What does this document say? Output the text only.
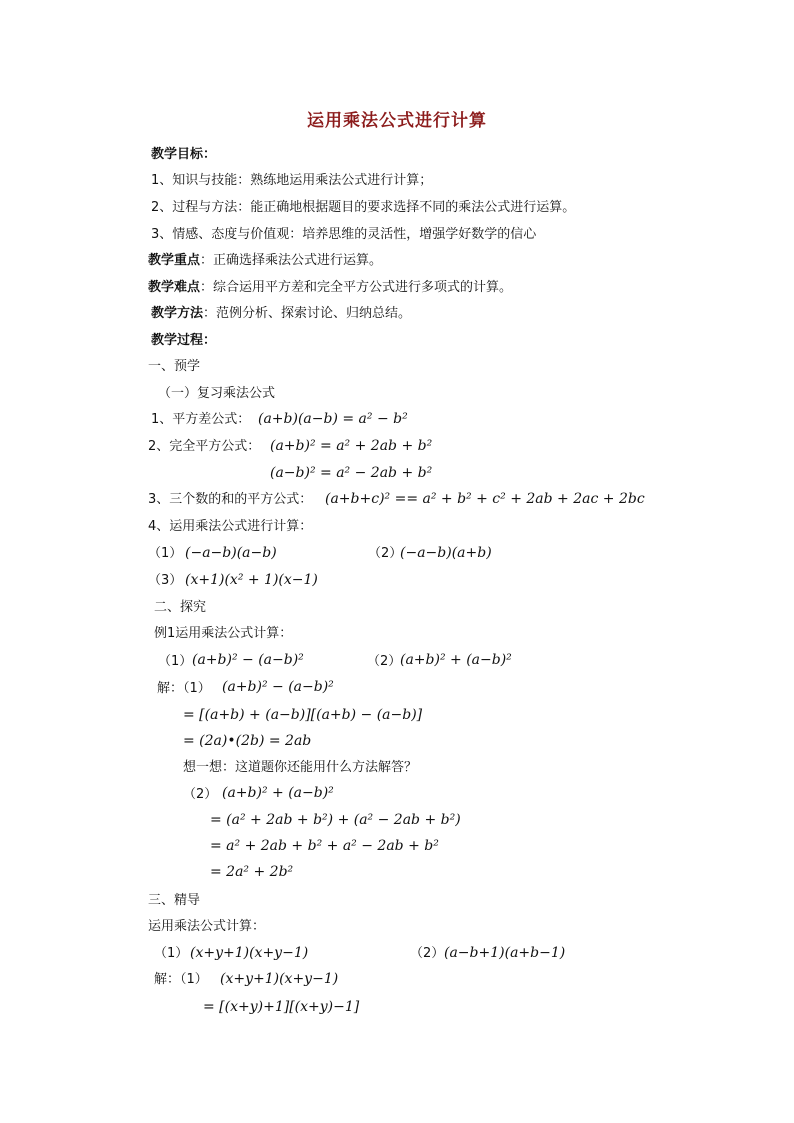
运用乘法公式进行计算
教学目标：
1、知识与技能：熟练地运用乘法公式进行计算；
2、过程与方法：能正确地根据题目的要求选择不同的乘法公式进行运算。
3、情感、态度与价值观：培养思维的灵活性，增强学好数学的信心
教学重点：正确选择乘法公式进行运算。
教学难点：综合运用平方差和完全平方公式进行多项式的计算。
教学方法：范例分析、探索讨论、归纳总结。
教学过程：
一、预学
（一）复习乘法公式
1、平方差公式： (a+b)(a−b) = a² − b²
2、完全平方公式： (a+b)² = a² + 2ab + b²
(a−b)² = a² − 2ab + b²
3、三个数的和的平方公式： (a+b+c)² == a² + b² + c² + 2ab + 2ac + 2bc
4、运用乘法公式进行计算：
（1） (−a−b)(a−b)	（2）
(−a−b)(a+b)
（3） (x+1)(x² + 1)(x−1)
二、探究
例1运用乘法公式计算：
（1） (a+b)² − (a−b)²	（2）
(a+b)² + (a−b)²
解：（1） (a+b)² − (a−b)²
= [(a+b) + (a−b)][(a+b) − (a−b)]
= (2a)•(2b) = 2ab
想一想：这道题你还能用什么方法解答？
（2） (a+b)² + (a−b)²
= (a² + 2ab + b²) + (a² − 2ab + b²)
= a² + 2ab + b² + a² − 2ab + b²
= 2a² + 2b²
三、精导
运用乘法公式计算：
（1） (x+y+1)(x+y−1)	（2） (a−b+1)(a+b−1)
解：（1） (x+y+1)(x+y−1)
= [(x+y)+1][(x+y)−1]
